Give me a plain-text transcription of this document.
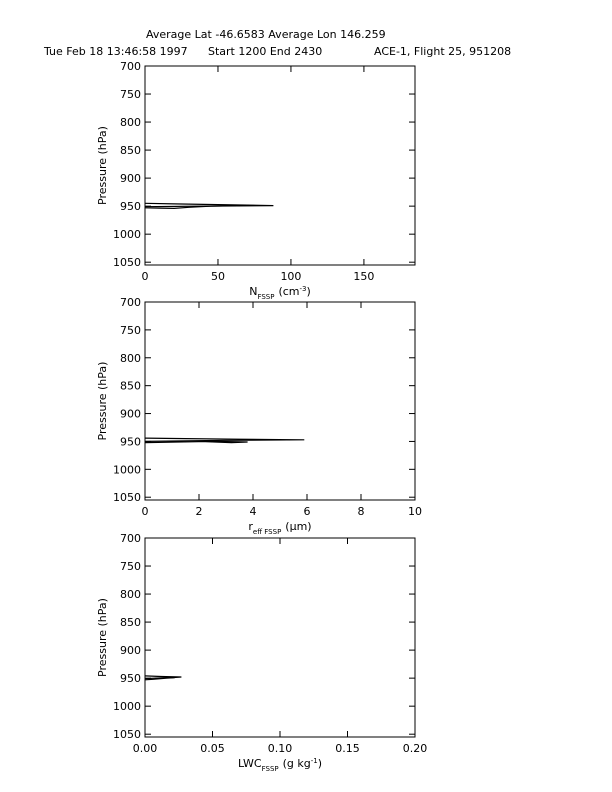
Average Lat -46.6583 Average Lon 146.259
Tue Feb 18 13:46:58 1997 Start 1200 End 2430	ACE-1, Flight 25, 951208
700
750
800
850
900
950
1000
1050
0	50	100	150
Pressure (hPa)
$N_{FSSP}$ $(cm^{-3})$
700
750
800
850
900
950
1000
1050
0	2	4	6	8	10
Pressure (hPa)
$r_{eff FSSP}$ (µm)
700
750
800
850
900
950
1000
1050
0.00	0.05	0.10	0.15	0.20
Pressure (hPa)
$LWC_{FSSP}$ (g $kg^{-1}$)
